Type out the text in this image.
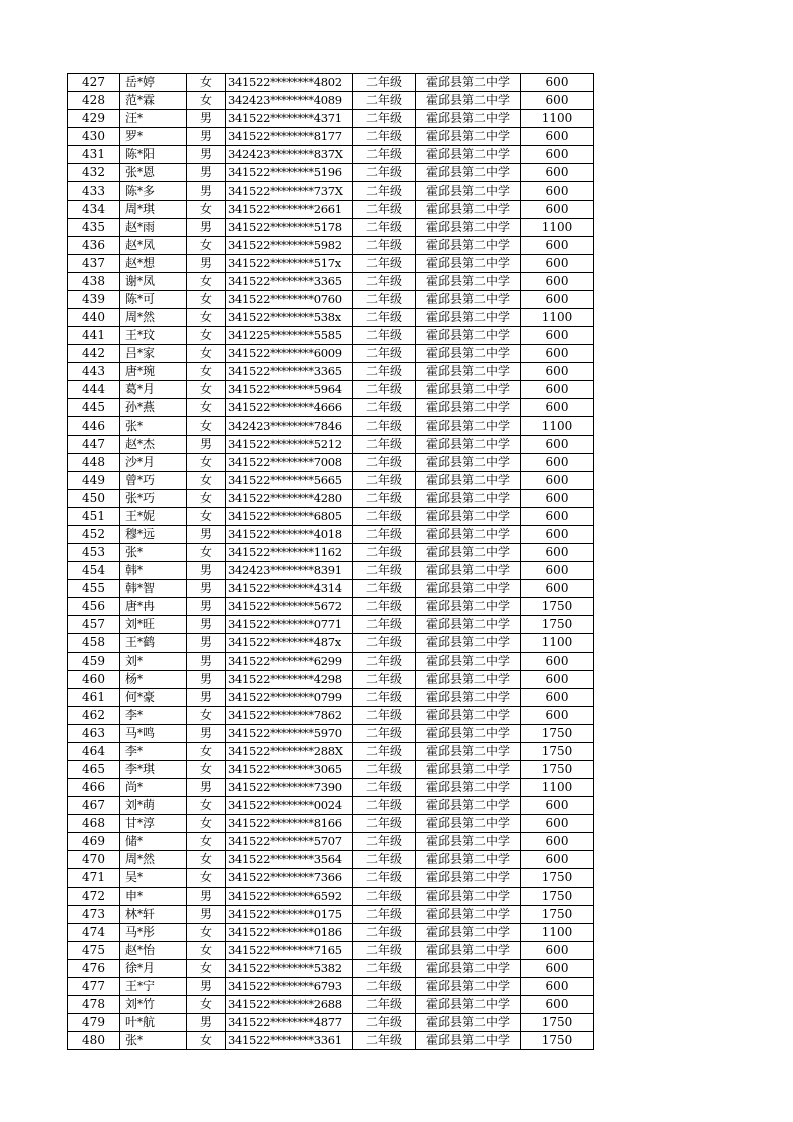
427	岳*婷	女	341522********4802	二年级	霍邱县第二中学	600
428	范*霖	女	342423********4089	二年级	霍邱县第二中学	600
429	汪*	男	341522********4371	二年级	霍邱县第二中学	1100
430	罗*	男	341522********8177	二年级	霍邱县第二中学	600
431	陈*阳	男	342423********837X	二年级	霍邱县第二中学	600
432	张*恩	男	341522********5196	二年级	霍邱县第二中学	600
433	陈*多	男	341522********737X	二年级	霍邱县第二中学	600
434	周*琪	女	341522********2661	二年级	霍邱县第二中学	600
435	赵*雨	男	341522********5178	二年级	霍邱县第二中学	1100
436	赵*凤	女	341522********5982	二年级	霍邱县第二中学	600
437	赵*想	男	341522********517x	二年级	霍邱县第二中学	600
438	谢*凤	女	341522********3365	二年级	霍邱县第二中学	600
439	陈*可	女	341522********0760	二年级	霍邱县第二中学	600
440	周*然	女	341522********538x	二年级	霍邱县第二中学	1100
441	王*玟	女	341225********5585	二年级	霍邱县第二中学	600
442	吕*家	女	341522********6009	二年级	霍邱县第二中学	600
443	唐*琬	女	341522********3365	二年级	霍邱县第二中学	600
444	葛*月	女	341522********5964	二年级	霍邱县第二中学	600
445	孙*燕	女	341522********4666	二年级	霍邱县第二中学	600
446	张*	女	342423********7846	二年级	霍邱县第二中学	1100
447	赵*杰	男	341522********5212	二年级	霍邱县第二中学	600
448	沙*月	女	341522********7008	二年级	霍邱县第二中学	600
449	曾*巧	女	341522********5665	二年级	霍邱县第二中学	600
450	张*巧	女	341522********4280	二年级	霍邱县第二中学	600
451	王*妮	女	341522********6805	二年级	霍邱县第二中学	600
452	穆*远	男	341522********4018	二年级	霍邱县第二中学	600
453	张*	女	341522********1162	二年级	霍邱县第二中学	600
454	韩*	男	342423********8391	二年级	霍邱县第二中学	600
455	韩*智	男	341522********4314	二年级	霍邱县第二中学	600
456	唐*冉	男	341522********5672	二年级	霍邱县第二中学	1750
457	刘*旺	男	341522********0771	二年级	霍邱县第二中学	1750
458	王*鹤	男	341522********487x	二年级	霍邱县第二中学	1100
459	刘*	男	341522********6299	二年级	霍邱县第二中学	600
460	杨*	男	341522********4298	二年级	霍邱县第二中学	600
461	何*豪	男	341522********0799	二年级	霍邱县第二中学	600
462	李*	女	341522********7862	二年级	霍邱县第二中学	600
463	马*鸣	男	341522********5970	二年级	霍邱县第二中学	1750
464	李*	女	341522********288X	二年级	霍邱县第二中学	1750
465	李*琪	女	341522********3065	二年级	霍邱县第二中学	1750
466	尚*	男	341522********7390	二年级	霍邱县第二中学	1100
467	刘*萌	女	341522********0024	二年级	霍邱县第二中学	600
468	甘*淳	女	341522********8166	二年级	霍邱县第二中学	600
469	储*	女	341522********5707	二年级	霍邱县第二中学	600
470	周*然	女	341522********3564	二年级	霍邱县第二中学	600
471	吴*	女	341522********7366	二年级	霍邱县第二中学	1750
472	申*	男	341522********6592	二年级	霍邱县第二中学	1750
473	林*轩	男	341522********0175	二年级	霍邱县第二中学	1750
474	马*彤	女	341522********0186	二年级	霍邱县第二中学	1100
475	赵*怡	女	341522********7165	二年级	霍邱县第二中学	600
476	徐*月	女	341522********5382	二年级	霍邱县第二中学	600
477	王*宁	男	341522********6793	二年级	霍邱县第二中学	600
478	刘*竹	女	341522********2688	二年级	霍邱县第二中学	600
479	叶*航	男	341522********4877	二年级	霍邱县第二中学	1750
480	张*	女	341522********3361	二年级	霍邱县第二中学	1750
